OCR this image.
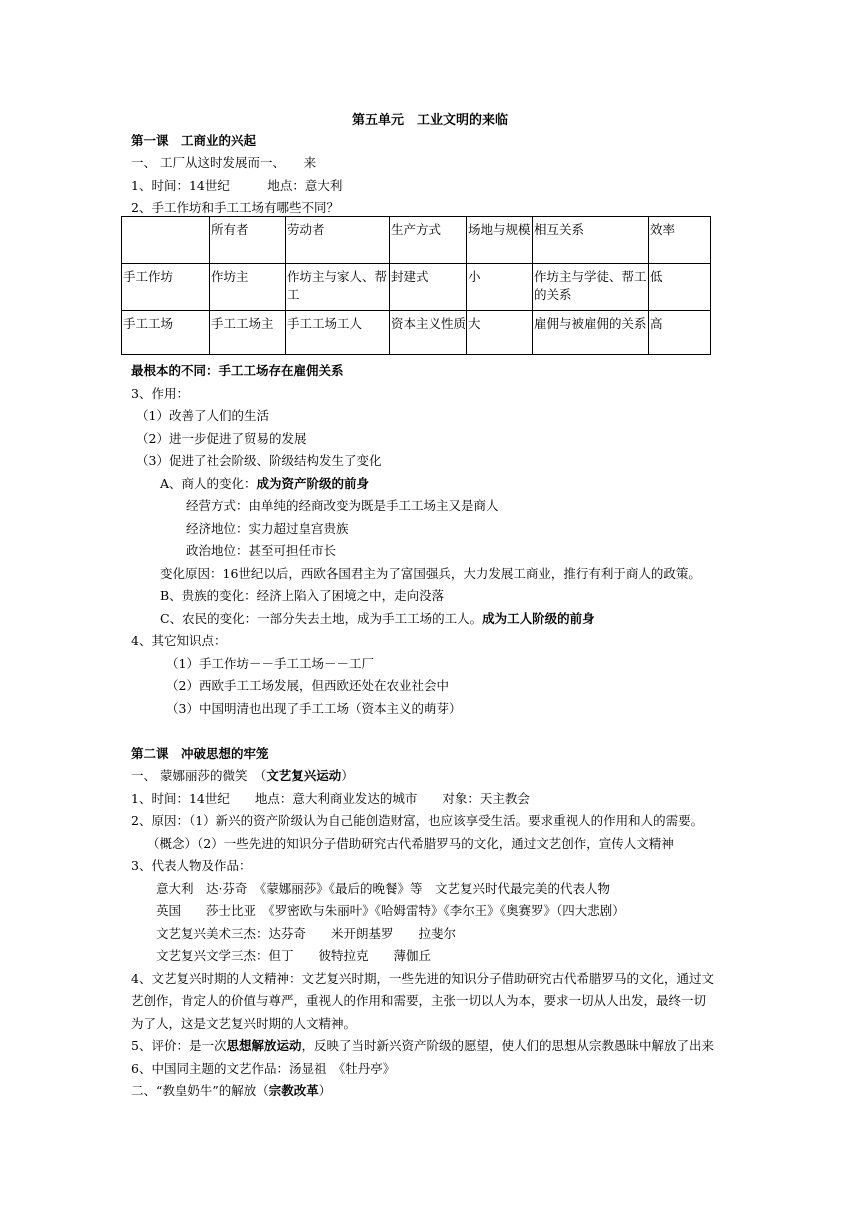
第五单元　工业文明的来临
第一课　工商业的兴起
一、 工厂从这时发展而一、　　来
1、时间：14世纪　　　地点：意大利
2、手工作坊和手工工场有哪些不同？
	所有者	劳动者	生产方式	场地与规模	相互关系	效率
手工作坊	作坊主	作坊主与家人、帮工	封建式	小	作坊主与学徒、帮工的关系	低
手工工场	手工工场主	手工工场工人	资本主义性质	大	雇佣与被雇佣的关系	高
最根本的不同：手工工场存在雇佣关系
3、作用：
（1）改善了人们的生活
（2）进一步促进了贸易的发展
（3）促进了社会阶级、阶级结构发生了变化
A、商人的变化：成为资产阶级的前身
经营方式：由单纯的经商改变为既是手工工场主又是商人
经济地位：实力超过皇宫贵族
政治地位：甚至可担任市长
变化原因：16世纪以后，西欧各国君主为了富国强兵，大力发展工商业，推行有利于商人的政策。
B、贵族的变化：经济上陷入了困境之中，走向没落
C、农民的变化：一部分失去土地，成为手工工场的工人。成为工人阶级的前身
4、其它知识点：
（1）手工作坊－－手工工场－－工厂
（2）西欧手工工场发展，但西欧还处在农业社会中
（3）中国明清也出现了手工工场（资本主义的萌芽）
第二课　冲破思想的牢笼
一、 蒙娜丽莎的微笑　（文艺复兴运动）
1、时间：14世纪　　地点：意大利商业发达的城市　　对象：天主教会
2、原因：（1）新兴的资产阶级认为自己能创造财富，也应该享受生活。要求重视人的作用和人的需要。
（概念）（2）一些先进的知识分子借助研究古代希腊罗马的文化，通过文艺创作，宣传人文精神
3、代表人物及作品：
意大利　达·芬奇　《蒙娜丽莎》《最后的晚餐》等　文艺复兴时代最完美的代表人物
英国　　莎士比亚　《罗密欧与朱丽叶》《哈姆雷特》《李尔王》《奥赛罗》（四大悲剧）
文艺复兴美术三杰：达芬奇　　米开朗基罗　　拉斐尔
文艺复兴文学三杰：但丁　　彼特拉克　　薄伽丘
4、文艺复兴时期的人文精神：文艺复兴时期，一些先进的知识分子借助研究古代希腊罗马的文化，通过文
艺创作，肯定人的价值与尊严，重视人的作用和需要，主张一切以人为本，要求一切从人出发，最终一切
为了人，这是文艺复兴时期的人文精神。
5、评价：是一次思想解放运动，反映了当时新兴资产阶级的愿望，使人们的思想从宗教愚昧中解放了出来
6、中国同主题的文艺作品：汤显祖　《牡丹亭》
二、“教皇奶牛”的解放（宗教改革）
